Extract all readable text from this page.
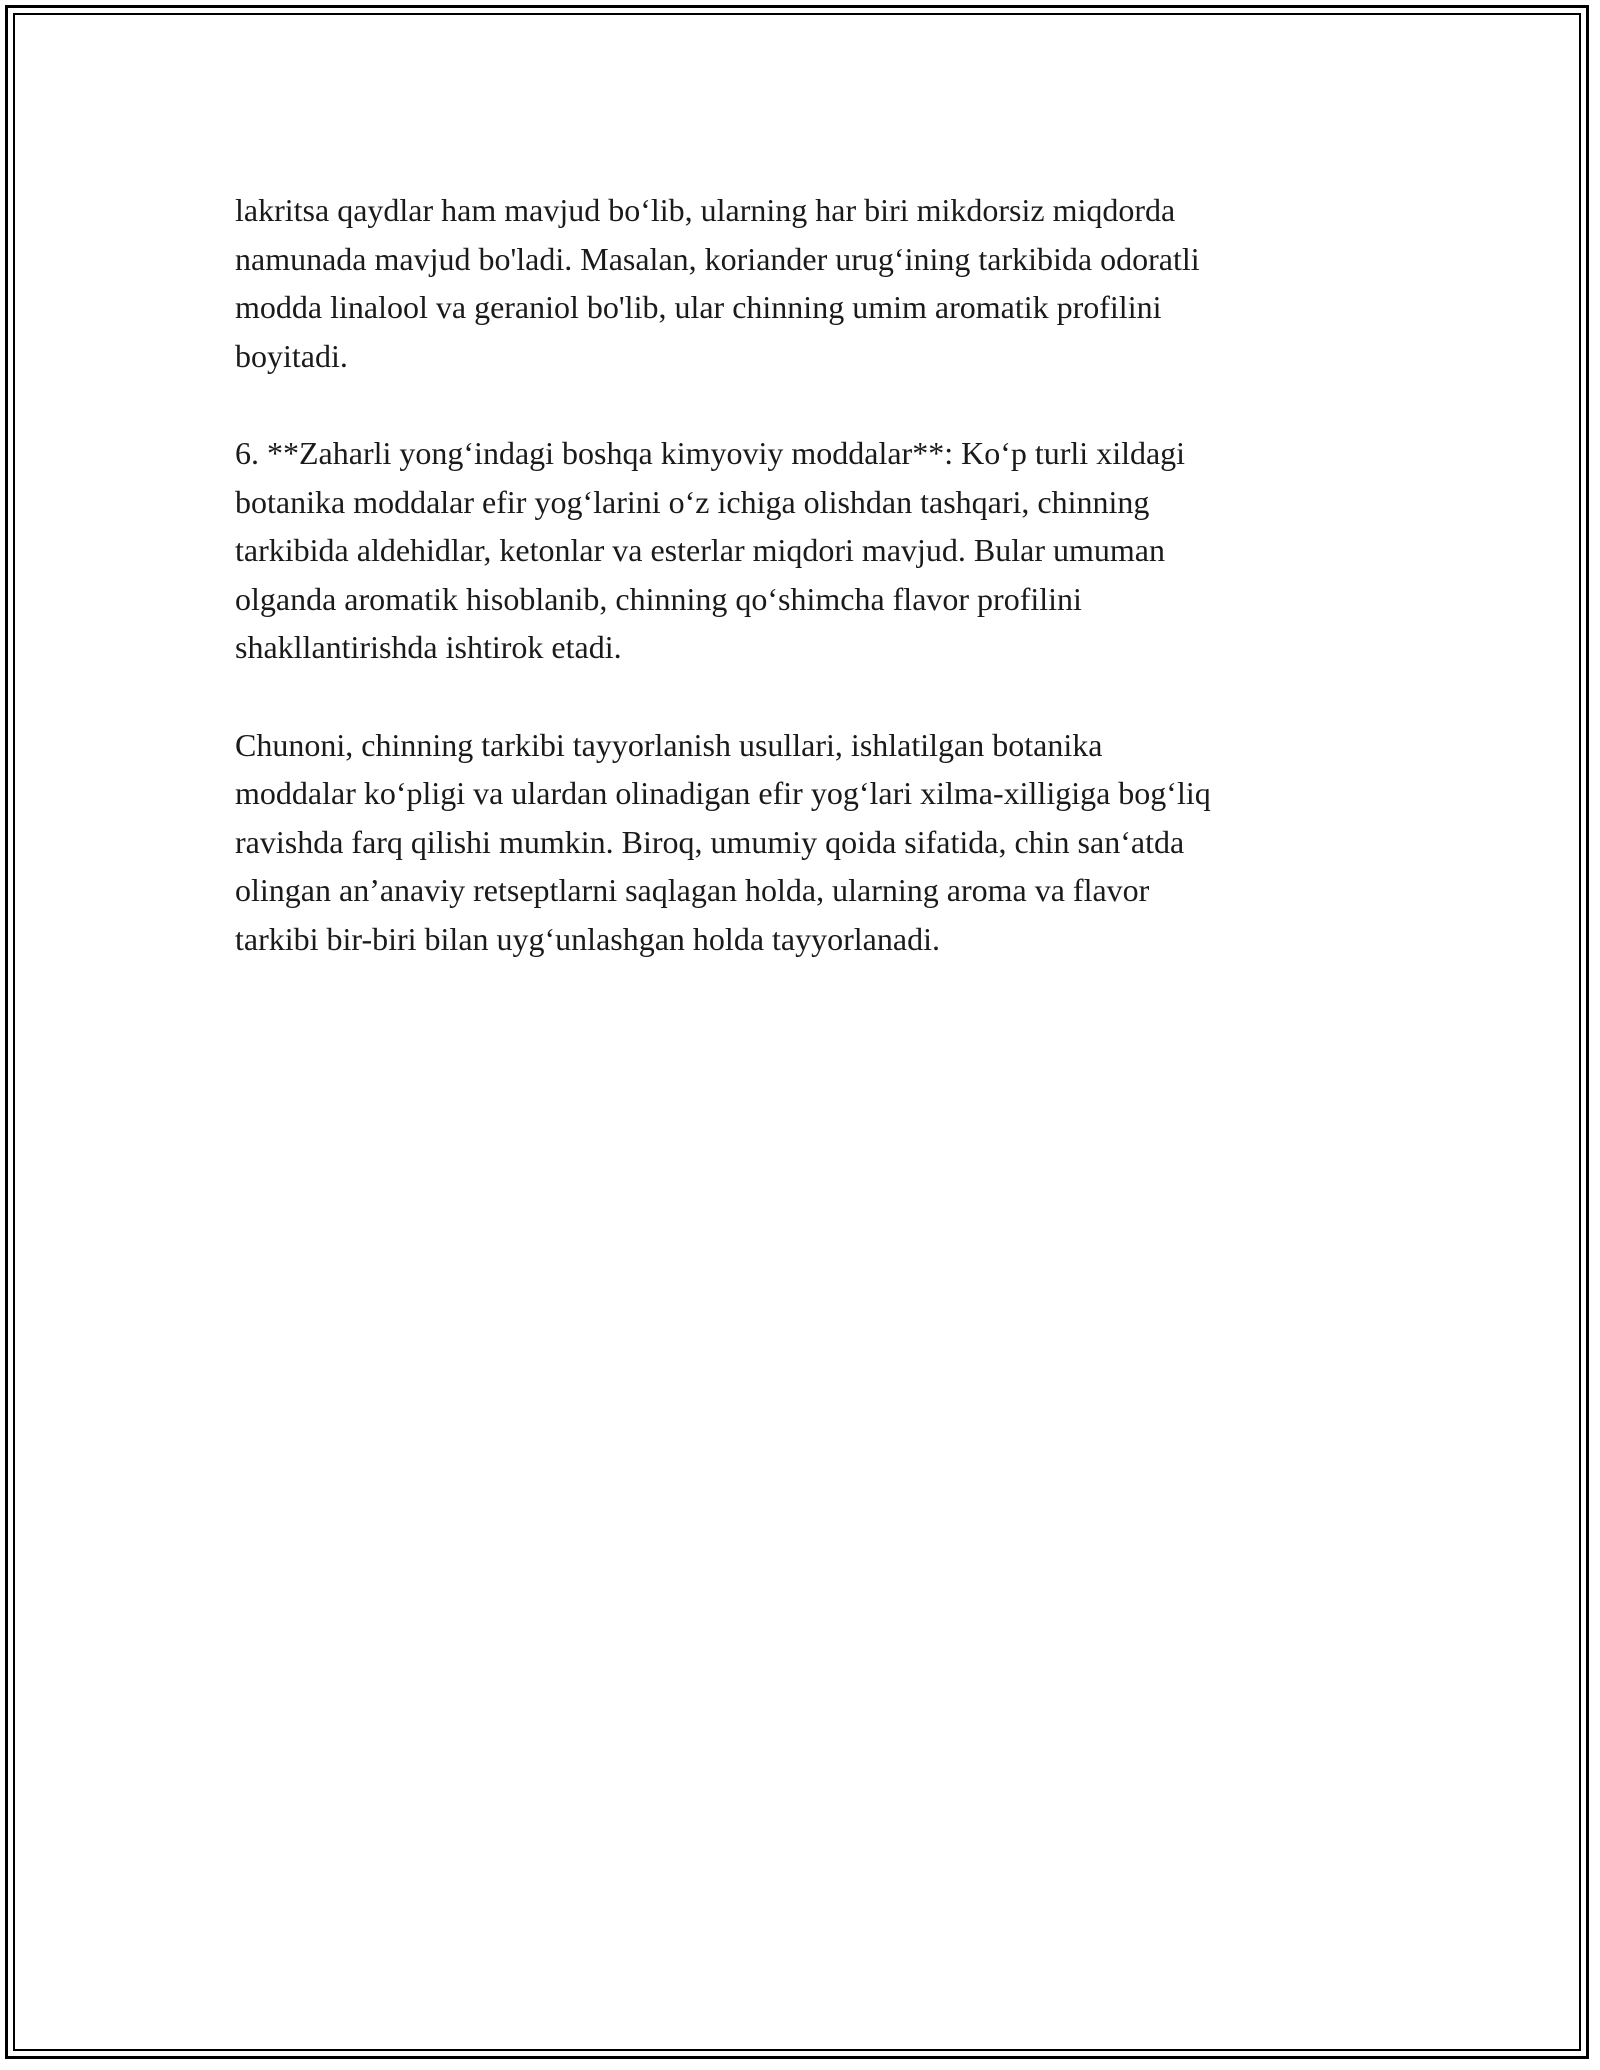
lakritsa qaydlar ham mavjud bo‘lib, ularning har biri mikdorsiz miqdorda
namunada mavjud bo'ladi. Masalan, koriander urug‘ining tarkibida odoratli
modda linalool va geraniol bo'lib, ular chinning umim aromatik profilini
boyitadi.

6. **Zaharli yong‘indagi boshqa kimyoviy moddalar**: Ko‘p turli xildagi
botanika moddalar efir yog‘larini o‘z ichiga olishdan tashqari, chinning
tarkibida aldehidlar, ketonlar va esterlar miqdori mavjud. Bular umuman
olganda aromatik hisoblanib, chinning qo‘shimcha flavor profilini
shakllantirishda ishtirok etadi.

Chunoni, chinning tarkibi tayyorlanish usullari, ishlatilgan botanika
moddalar ko‘pligi va ulardan olinadigan efir yog‘lari xilma-xilligiga bog‘liq
ravishda farq qilishi mumkin. Biroq, umumiy qoida sifatida, chin san‘atda
olingan an’anaviy retseptlarni saqlagan holda, ularning aroma va flavor
tarkibi bir-biri bilan uyg‘unlashgan holda tayyorlanadi.
